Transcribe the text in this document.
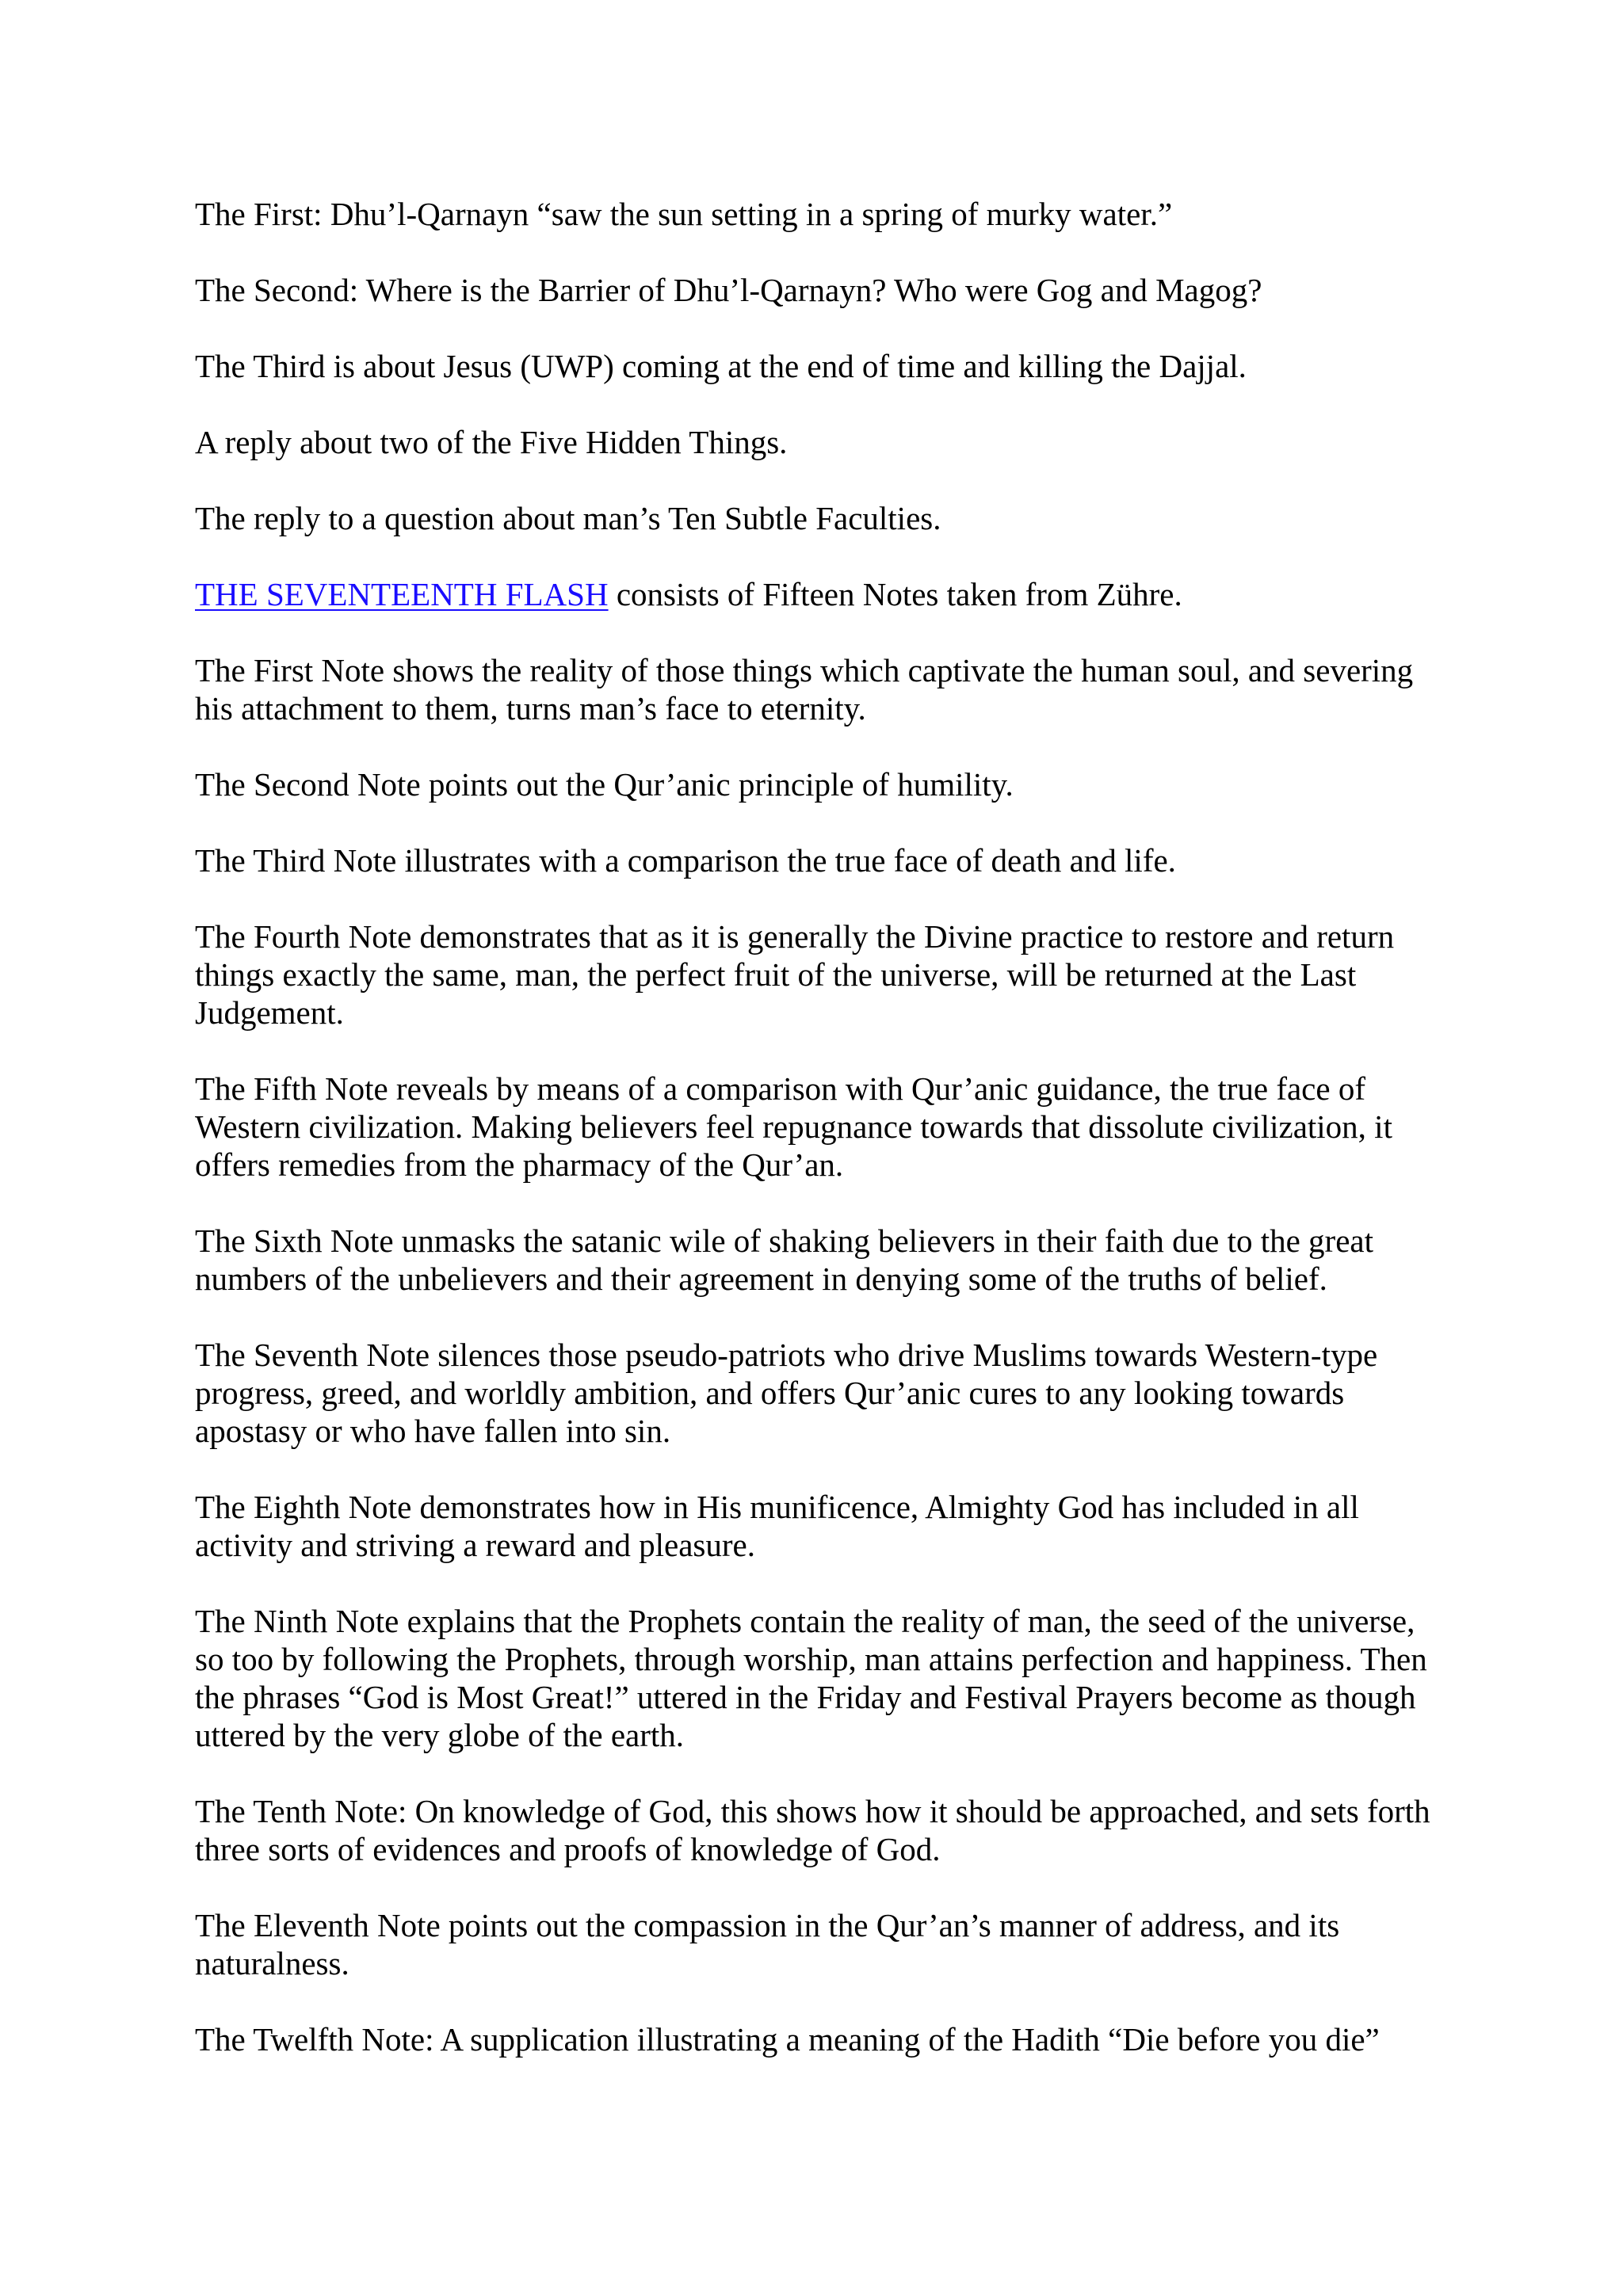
The First: Dhu’l-Qarnayn “saw the sun setting in a spring of murky water.”

The Second: Where is the Barrier of Dhu’l-Qarnayn? Who were Gog and Magog?

The Third is about Jesus (UWP) coming at the end of time and killing the Dajjal.

A reply about two of the Five Hidden Things.

The reply to a question about man’s Ten Subtle Faculties.

THE SEVENTEENTH FLASH consists of Fifteen Notes taken from Zühre.

The First Note shows the reality of those things which captivate the human soul, and severing his attachment to them, turns man’s face to eternity.

The Second Note points out the Qur’anic principle of humility.

The Third Note illustrates with a comparison the true face of death and life.

The Fourth Note demonstrates that as it is generally the Divine practice to restore and return things exactly the same, man, the perfect fruit of the universe, will be returned at the Last Judgement.

The Fifth Note reveals by means of a comparison with Qur’anic guidance, the true face of Western civilization. Making believers feel repugnance towards that dissolute civilization, it offers remedies from the pharmacy of the Qur’an.

The Sixth Note unmasks the satanic wile of shaking believers in their faith due to the great numbers of the unbelievers and their agreement in denying some of the truths of belief.

The Seventh Note silences those pseudo-patriots who drive Muslims towards Western-type progress, greed, and worldly ambition, and offers Qur’anic cures to any looking towards apostasy or who have fallen into sin.

The Eighth Note demonstrates how in His munificence, Almighty God has included in all activity and striving a reward and pleasure.

The Ninth Note explains that the Prophets contain the reality of man, the seed of the universe, so too by following the Prophets, through worship, man attains perfection and happiness. Then the phrases “God is Most Great!” uttered in the Friday and Festival Prayers become as though uttered by the very globe of the earth.

The Tenth Note: On knowledge of God, this shows how it should be approached, and sets forth three sorts of evidences and proofs of knowledge of God.

The Eleventh Note points out the compassion in the Qur’an’s manner of address, and its naturalness.

The Twelfth Note: A supplication illustrating a meaning of the Hadith “Die before you die”
